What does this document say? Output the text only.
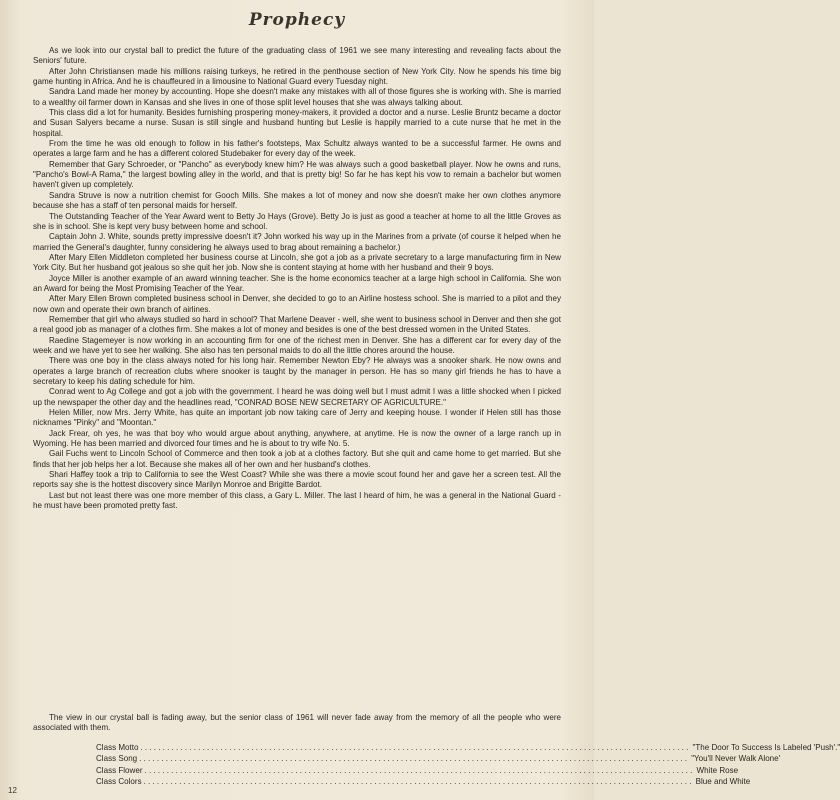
Prophecy

As we look into our crystal ball to predict the future of the graduating class of 1961 we see many interesting and revealing facts about the Seniors' future.

After John Christiansen made his millions raising turkeys, he retired in the penthouse section of New York City. Now he spends his time big game hunting in Africa. And he is chauffeured in a limousine to National Guard every Tuesday night.

Sandra Land made her money by accounting. Hope she doesn't make any mistakes with all of those figures she is working with. She is married to a wealthy oil farmer down in Kansas and she lives in one of those split level houses that she was always talking about.

This class did a lot for humanity. Besides furnishing prospering money-makers, it provided a doctor and a nurse. Leslie Bruntz became a doctor and Susan Salyers became a nurse. Susan is still single and husband hunting but Leslie is happily married to a cute nurse that he met in the hospital.

From the time he was old enough to follow in his father's footsteps, Max Schultz always wanted to be a successful farmer. He owns and operates a large farm and he has a different colored Studebaker for every day of the week.

Remember that Gary Schroeder, or "Pancho" as everybody knew him? He was always such a good basketball player. Now he owns and runs, "Pancho's Bowl-A Rama," the largest bowling alley in the world, and that is pretty big! So far he has kept his vow to remain a bachelor but women haven't given up completely.

Sandra Struve is now a nutrition chemist for Gooch Mills. She makes a lot of money and now she doesn't make her own clothes anymore because she has a staff of ten personal maids for herself.

The Outstanding Teacher of the Year Award went to Betty Jo Hays (Grove). Betty Jo is just as good a teacher at home to all the little Groves as she is in school. She is kept very busy between home and school.

Captain John J. White, sounds pretty impressive doesn't it? John worked his way up in the Marines from a private (of course it helped when he married the General's daughter, funny considering he always used to brag about remaining a bachelor.)

After Mary Ellen Middleton completed her business course at Lincoln, she got a job as a private secretary to a large manufacturing firm in New York City. But her husband got jealous so she quit her job. Now she is content staying at home with her husband and their 9 boys.

Joyce Miller is another example of an award winning teacher. She is the home economics teacher at a large high school in California. She won an Award for being the Most Promising Teacher of the Year.

After Mary Ellen Brown completed business school in Denver, she decided to go to an Airline hostess school. She is married to a pilot and they now own and operate their own branch of airlines.

Remember that girl who always studied so hard in school? That Marlene Deaver - well, she went to business school in Denver and then she got a real good job as manager of a clothes firm. She makes a lot of money and besides is one of the best dressed women in the United States.

Raedine Stagemeyer is now working in an accounting firm for one of the richest men in Denver. She has a different car for every day of the week and we have yet to see her walking. She also has ten personal maids to do all the little chores around the house.

There was one boy in the class always noted for his long hair. Remember Newton Eby? He always was a snooker shark. He now owns and operates a large branch of recreation clubs where snooker is taught by the manager in person. He has so many girl friends he has to have a secretary to keep his dating schedule for him.

Conrad went to Ag College and got a job with the government. I heard he was doing well but I must admit I was a little shocked when I picked up the newspaper the other day and the headlines read, "CONRAD BOSE NEW SECRETARY OF AGRICULTURE."

Helen Miller, now Mrs. Jerry White, has quite an important job now taking care of Jerry and keeping house. I wonder if Helen still has those nicknames "Pinky" and "Moontan."

Jack Frear, oh yes, he was that boy who would argue about anything, anywhere, at anytime. He is now the owner of a large ranch up in Wyoming. He has been married and divorced four times and he is about to try wife No. 5.

Gail Fuchs went to Lincoln School of Commerce and then took a job at a clothes factory. But she quit and came home to get married. But she finds that her job helps her a lot. Because she makes all of her own and her husband's clothes.

Shari Haffey took a trip to California to see the West Coast? While she was there a movie scout found her and gave her a screen test. All the reports say she is the hottest discovery since Marilyn Monroe and Brigitte Bardot.

Last but not least there was one more member of this class, a Gary L. Miller. The last I heard of him, he was a general in the National Guard - he must have been promoted pretty fast.

The view in our crystal ball is fading away, but the senior class of 1961 will never fade away from the memory of all the people who were associated with them.

Class Motto ............................................................................................................................ "The Door To Success Is Labeled 'Push'."
Class Song ............................................................................................................................ "You'll Never Walk Alone'
Class Flower ............................................................................................................................ White Rose
Class Colors ............................................................................................................................ Blue and White
12
